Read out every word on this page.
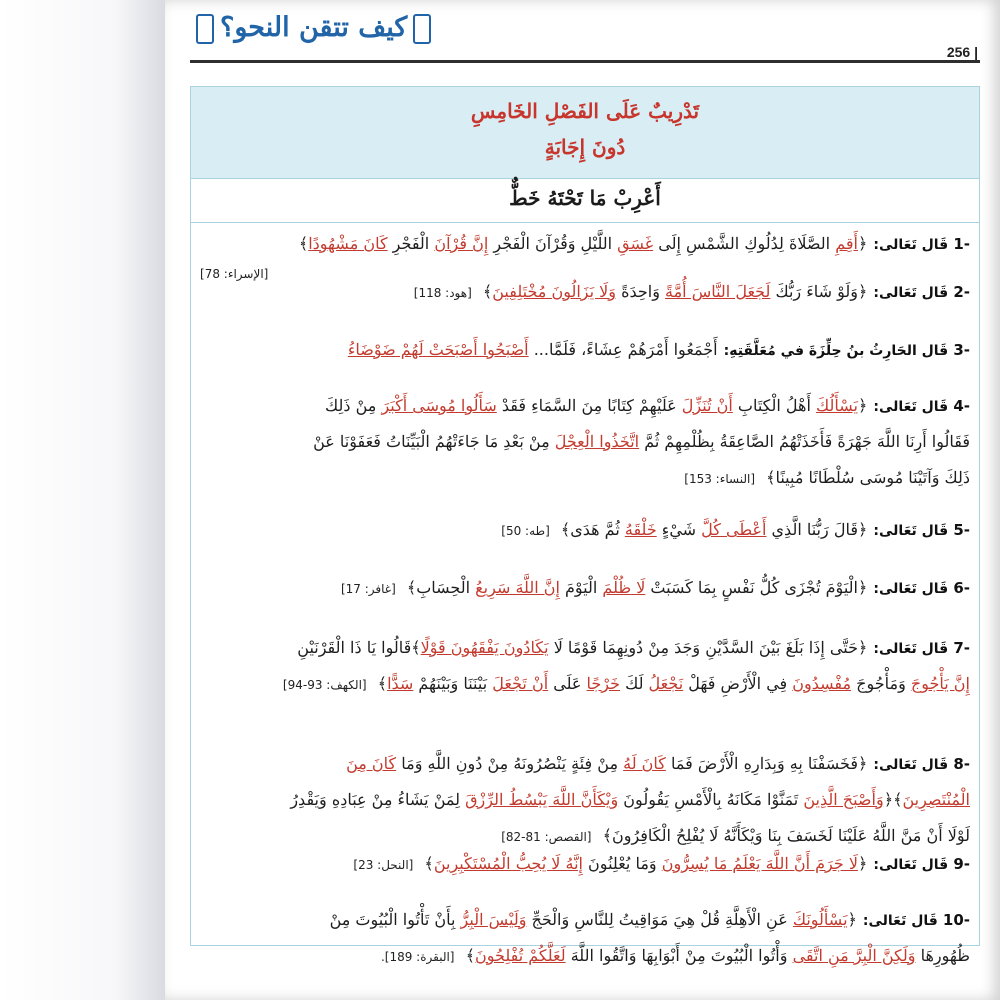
كيف تتقن النحو؟
256 |
تَدْرِيبٌ عَلَى الفَصْلِ الخَامِسِ
دُونَ إِجَابَةٍ
أَعْرِبْ مَا تَحْتَهُ خَطٌّ
-1 قَال تَعَالى:﴿أَقِمِ الصَّلَاةَ لِدُلُوكِ الشَّمْسِ إِلَى غَسَقِ اللَّيْلِ وَقُرْآنَ الْفَجْرِ إِنَّ قُرْآنَ الْفَجْرِ كَانَ مَشْهُودًا﴾
[الإسراء: 78]
-2 قَال تَعَالى:﴿وَلَوْ شَاءَ رَبُّكَ لَجَعَلَ النَّاسَ أُمَّةً وَاحِدَةً وَلَا يَزَالُونَ مُخْتَلِفِينَ﴾ [هود: 118]
-3 قَال الحَارِثُ بنُ حِلِّزَةَ في مُعَلَّقَتِهِ:أَجْمَعُوا أَمْرَهُمْ عِشَاءً، فَلَمَّا... أَصْبَحُوا أَصْبَحَتْ لَهُمْ ضَوْضَاءُ
-4 قَال تَعَالى:﴿يَسْأَلُكَ أَهْلُ الْكِتَابِ أَنْ تُنَزِّلَ عَلَيْهِمْ كِتَابًا مِنَ السَّمَاءِ فَقَدْ سَأَلُوا مُوسَى أَكْبَرَ مِنْ ذَلِكَ
فَقَالُوا أَرِنَا اللَّهَ جَهْرَةً فَأَخَذَتْهُمُ الصَّاعِقَةُ بِظُلْمِهِمْ ثُمَّ اتَّخَذُوا الْعِجْلَ مِنْ بَعْدِ مَا جَاءَتْهُمُ الْبَيِّنَاتُ فَعَفَوْنَا عَنْ
ذَلِكَ وَآتَيْنَا مُوسَى سُلْطَانًا مُبِينًا﴾ [النساء: 153]
-5 قَال تَعَالى:﴿قَالَ رَبُّنَا الَّذِي أَعْطَى كُلَّ شَيْءٍ خَلْقَهُ ثُمَّ هَدَى﴾ [طه: 50]
-6 قَال تَعَالى:﴿الْيَوْمَ تُجْزَى كُلُّ نَفْسٍ بِمَا كَسَبَتْ لَا ظُلْمَ الْيَوْمَ إِنَّ اللَّهَ سَرِيعُ الْحِسَابِ﴾ [غافر: 17]
-7 قَال تَعَالى:﴿حَتَّى إِذَا بَلَغَ بَيْنَ السَّدَّيْنِ وَجَدَ مِنْ دُونِهِمَا قَوْمًا لَا يَكَادُونَ يَفْقَهُونَ قَوْلًا﴾قَالُوا يَا ذَا الْقَرْنَيْنِ
إِنَّ يَأْجُوجَ وَمَأْجُوجَ مُفْسِدُونَ فِي الْأَرْضِ فَهَلْ نَجْعَلُ لَكَ خَرْجًا عَلَى أَنْ تَجْعَلَ بَيْنَنَا وَبَيْنَهُمْ سَدًّا﴾ [الكهف: 93-94]
-8 قَال تَعَالى:﴿فَخَسَفْنَا بِهِ وَبِدَارِهِ الْأَرْضَ فَمَا كَانَ لَهُ مِنْ فِئَةٍ يَنْصُرُونَهُ مِنْ دُونِ اللَّهِ وَمَا كَانَ مِنَ
الْمُنْتَصِرِينَ﴾﴿وَأَصْبَحَ الَّذِينَ تَمَنَّوْا مَكَانَهُ بِالْأَمْسِ يَقُولُونَ وَيْكَأَنَّ اللَّهَ يَبْسُطُ الرِّزْقَ لِمَنْ يَشَاءُ مِنْ عِبَادِهِ وَيَقْدِرُ
لَوْلَا أَنْ مَنَّ اللَّهُ عَلَيْنَا لَخَسَفَ بِنَا وَيْكَأَنَّهُ لَا يُفْلِحُ الْكَافِرُونَ﴾ [القصص: 81-82]
-9 قَال تَعَالى:﴿لَا جَرَمَ أَنَّ اللَّهَ يَعْلَمُ مَا يُسِرُّونَ وَمَا يُعْلِنُونَ إِنَّهُ لَا يُحِبُّ الْمُسْتَكْبِرِينَ﴾ [النحل: 23]
-10 قَال تَعَالى:﴿يَسْأَلُونَكَ عَنِ الْأَهِلَّةِ قُلْ هِيَ مَوَاقِيتُ لِلنَّاسِ وَالْحَجِّ وَلَيْسَ الْبِرُّ بِأَنْ تَأْتُوا الْبُيُوتَ مِنْ
ظُهُورِهَا وَلَكِنَّ الْبِرَّ مَنِ اتَّقَى وَأْتُوا الْبُيُوتَ مِنْ أَبْوَابِهَا وَاتَّقُوا اللَّهَ لَعَلَّكُمْ تُفْلِحُونَ﴾ [البقرة: 189].
